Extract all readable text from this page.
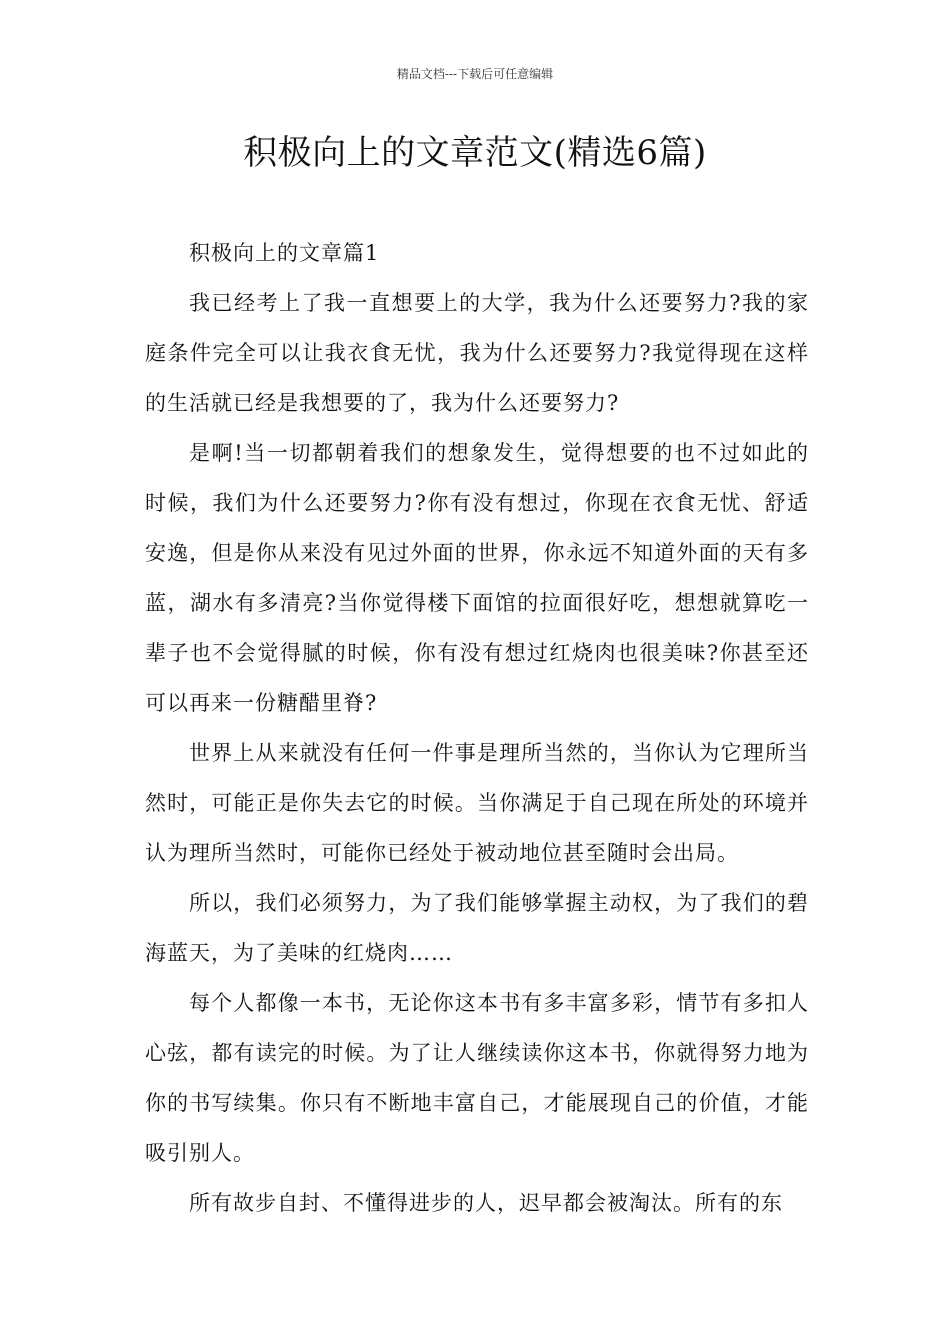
精品文档---下载后可任意编辑
积极向上的文章范文(精选6篇)

积极向上的文章篇1

我已经考上了我一直想要上的大学，我为什么还要努力?我的家庭条件完全可以让我衣食无忧，我为什么还要努力?我觉得现在这样的生活就已经是我想要的了，我为什么还要努力?

是啊!当一切都朝着我们的想象发生，觉得想要的也不过如此的时候，我们为什么还要努力?你有没有想过，你现在衣食无忧、舒适安逸，但是你从来没有见过外面的世界，你永远不知道外面的天有多蓝，湖水有多清亮?当你觉得楼下面馆的拉面很好吃，想想就算吃一辈子也不会觉得腻的时候，你有没有想过红烧肉也很美味?你甚至还可以再来一份糖醋里脊?

世界上从来就没有任何一件事是理所当然的，当你认为它理所当然时，可能正是你失去它的时候。当你满足于自己现在所处的环境并认为理所当然时，可能你已经处于被动地位甚至随时会出局。

所以，我们必须努力，为了我们能够掌握主动权，为了我们的碧海蓝天，为了美味的红烧肉……

每个人都像一本书，无论你这本书有多丰富多彩，情节有多扣人心弦，都有读完的时候。为了让人继续读你这本书，你就得努力地为你的书写续集。你只有不断地丰富自己，才能展现自己的价值，才能吸引别人。

所有故步自封、不懂得进步的人，迟早都会被淘汰。所有的东
